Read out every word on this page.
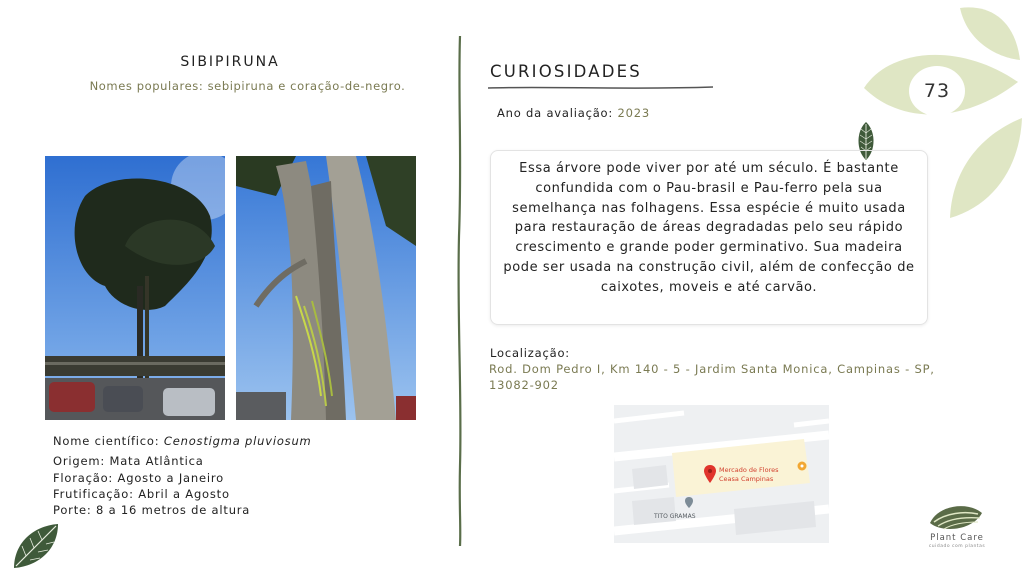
73
SIBIPIRUNA
Nomes populares: sebipiruna e coração-de-negro.
Nome científico: Cenostigma pluviosum
Origem: Mata Atlântica
Floração: Agosto a Janeiro
Frutificação: Abril a Agosto
Porte: 8 a 16 metros de altura
CURIOSIDADES
Ano da avaliação: 2023
Essa árvore pode viver por até um século. É bastante confundida com o Pau-brasil e Pau-ferro pela sua semelhança nas folhagens. Essa espécie é muito usada para restauração de áreas degradadas pelo seu rápido crescimento e grande poder germinativo. Sua madeira pode ser usada na construção civil, além de confecção de caixotes, moveis e até carvão.
Localização:
Rod. Dom Pedro I, Km 140 - 5 - Jardim Santa Monica, Campinas - SP, 13082-902
Mercado de Flores
Ceasa Campinas
TITO GRAMAS
Plant Care
cuidado com plantas
